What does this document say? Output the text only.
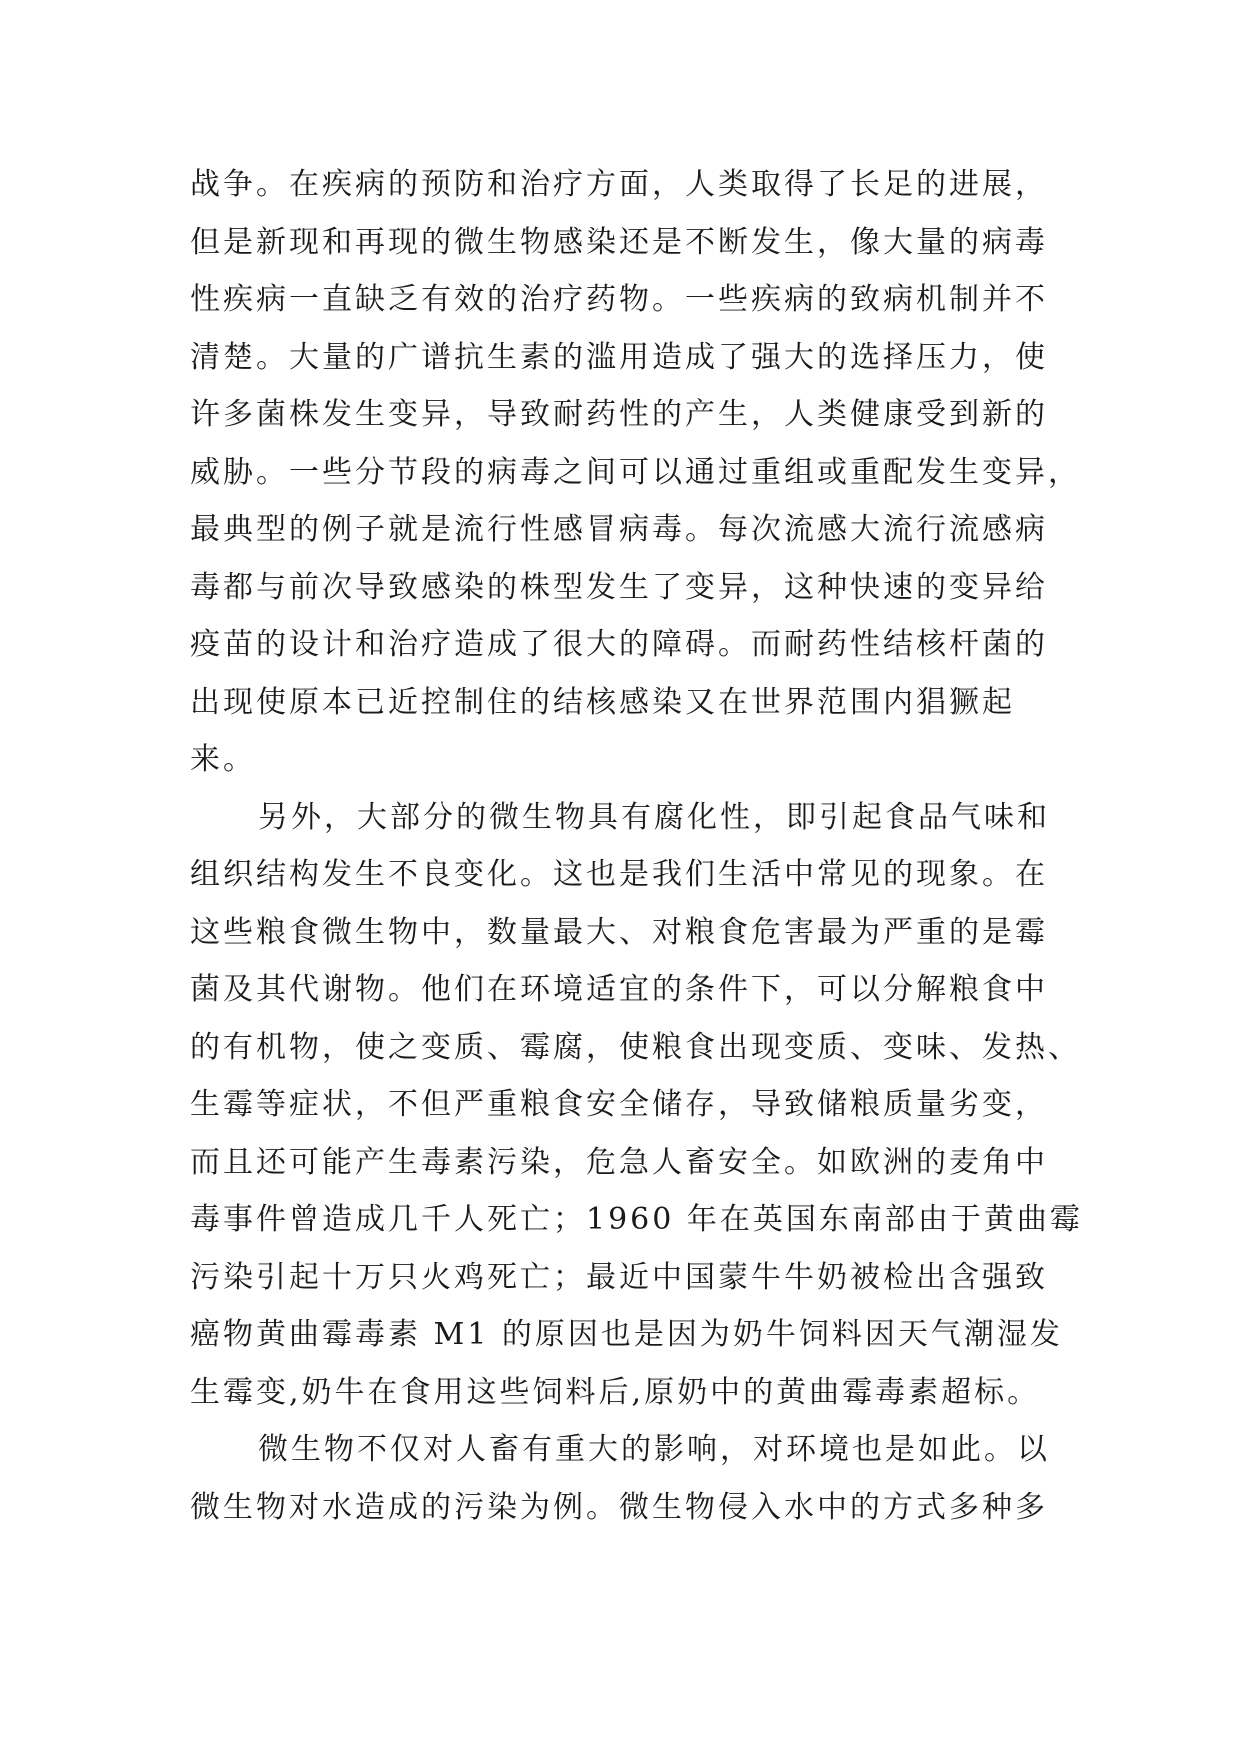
战争。在疾病的预防和治疗方面，人类取得了长足的进展，
但是新现和再现的微生物感染还是不断发生，像大量的病毒
性疾病一直缺乏有效的治疗药物。一些疾病的致病机制并不
清楚。大量的广谱抗生素的滥用造成了强大的选择压力，使
许多菌株发生变异，导致耐药性的产生，人类健康受到新的
威胁。一些分节段的病毒之间可以通过重组或重配发生变异，
最典型的例子就是流行性感冒病毒。每次流感大流行流感病
毒都与前次导致感染的株型发生了变异，这种快速的变异给
疫苗的设计和治疗造成了很大的障碍。而耐药性结核杆菌的
出现使原本已近控制住的结核感染又在世界范围内猖獗起
来。
另外，大部分的微生物具有腐化性，即引起食品气味和
组织结构发生不良变化。这也是我们生活中常见的现象。在
这些粮食微生物中，数量最大、对粮食危害最为严重的是霉
菌及其代谢物。他们在环境适宜的条件下，可以分解粮食中
的有机物，使之变质、霉腐，使粮食出现变质、变味、发热、
生霉等症状，不但严重粮食安全储存，导致储粮质量劣变，
而且还可能产生毒素污染，危急人畜安全。如欧洲的麦角中
毒事件曾造成几千人死亡；1960 年在英国东南部由于黄曲霉
污染引起十万只火鸡死亡；最近中国蒙牛牛奶被检出含强致
癌物黄曲霉毒素 M1 的原因也是因为奶牛饲料因天气潮湿发
生霉变,奶牛在食用这些饲料后,原奶中的黄曲霉毒素超标。
微生物不仅对人畜有重大的影响，对环境也是如此。以
微生物对水造成的污染为例。微生物侵入水中的方式多种多
